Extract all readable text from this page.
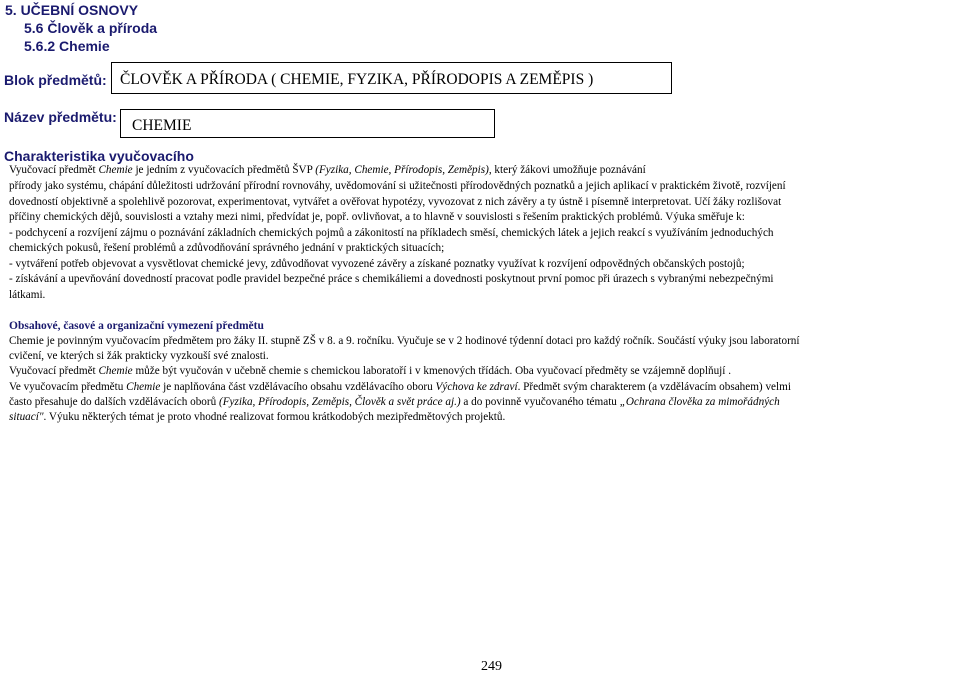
5. UČEBNÍ OSNOVY
5.6 Člověk a příroda
5.6.2 Chemie
Blok předmětů: ČLOVĚK A PŘÍRODA ( CHEMIE, FYZIKA, PŘÍRODOPIS A ZEMĚPIS )
Název předmětu: CHEMIE
Charakteristika vyučovacího
Vyučovací předmět Chemie je jedním z vyučovacích předmětů ŠVP (Fyzika, Chemie, Přírodopis, Zeměpis), který žákovi umožňuje poznávání
přírody jako systému, chápání důležitosti udržování přírodní rovnováhy, uvědomování si užitečnosti přírodovědných poznatků a jejich aplikací v praktickém životě, rozvíjení
dovedností objektivně a spolehlivě pozorovat, experimentovat, vytvářet a ověřovat hypotézy, vyvozovat z nich závěry a ty ústně i písemně interpretovat. Učí žáky rozlišovat
příčiny chemických dějů, souvislosti a vztahy mezi nimi, předvídat je, popř. ovlivňovat, a to hlavně v souvislosti s řešením praktických problémů. Výuka směřuje k:
- podchycení a rozvíjení zájmu o poznávání základních chemických pojmů a zákonitostí na příkladech směsí, chemických látek a jejich reakcí s využíváním jednoduchých
chemických pokusů, řešení problémů a zdůvodňování správného jednání v praktických situacích;
- vytváření potřeb objevovat a vysvětlovat chemické jevy, zdůvodňovat vyvozené závěry a získané poznatky využívat k rozvíjení odpovědných občanských postojů;
- získávání a upevňování dovedností pracovat podle pravidel bezpečné práce s chemikáliemi a dovednosti poskytnout první pomoc při úrazech s vybranými nebezpečnými
látkami.
Obsahové, časové a organizační vymezení předmětu
Chemie je povinným vyučovacím předmětem pro žáky II. stupně ZŠ v 8. a 9. ročníku. Vyučuje se v 2 hodinové týdenní dotaci pro každý ročník. Součástí výuky jsou laboratorní
cvičení, ve kterých si žák prakticky vyzkouší své znalosti.
Vyučovací předmět Chemie může být vyučován v učebně chemie s chemickou laboratoří i v kmenových třídách. Oba vyučovací předměty se vzájemně doplňují .
Ve vyučovacím předmětu Chemie je naplňována část vzdělávacího obsahu vzdělávacího oboru Výchova ke zdraví. Předmět svým charakterem (a vzdělávacím obsahem) velmi
často přesahuje do dalších vzdělávacích oborů (Fyzika, Přírodopis, Zeměpis, Člověk a svět práce aj.) a do povinně vyučovaného tématu „Ochrana člověka za mimořádných
situací". Výuku některých témat je proto vhodné realizovat formou krátkodobých mezipředmětových projektů.
249
